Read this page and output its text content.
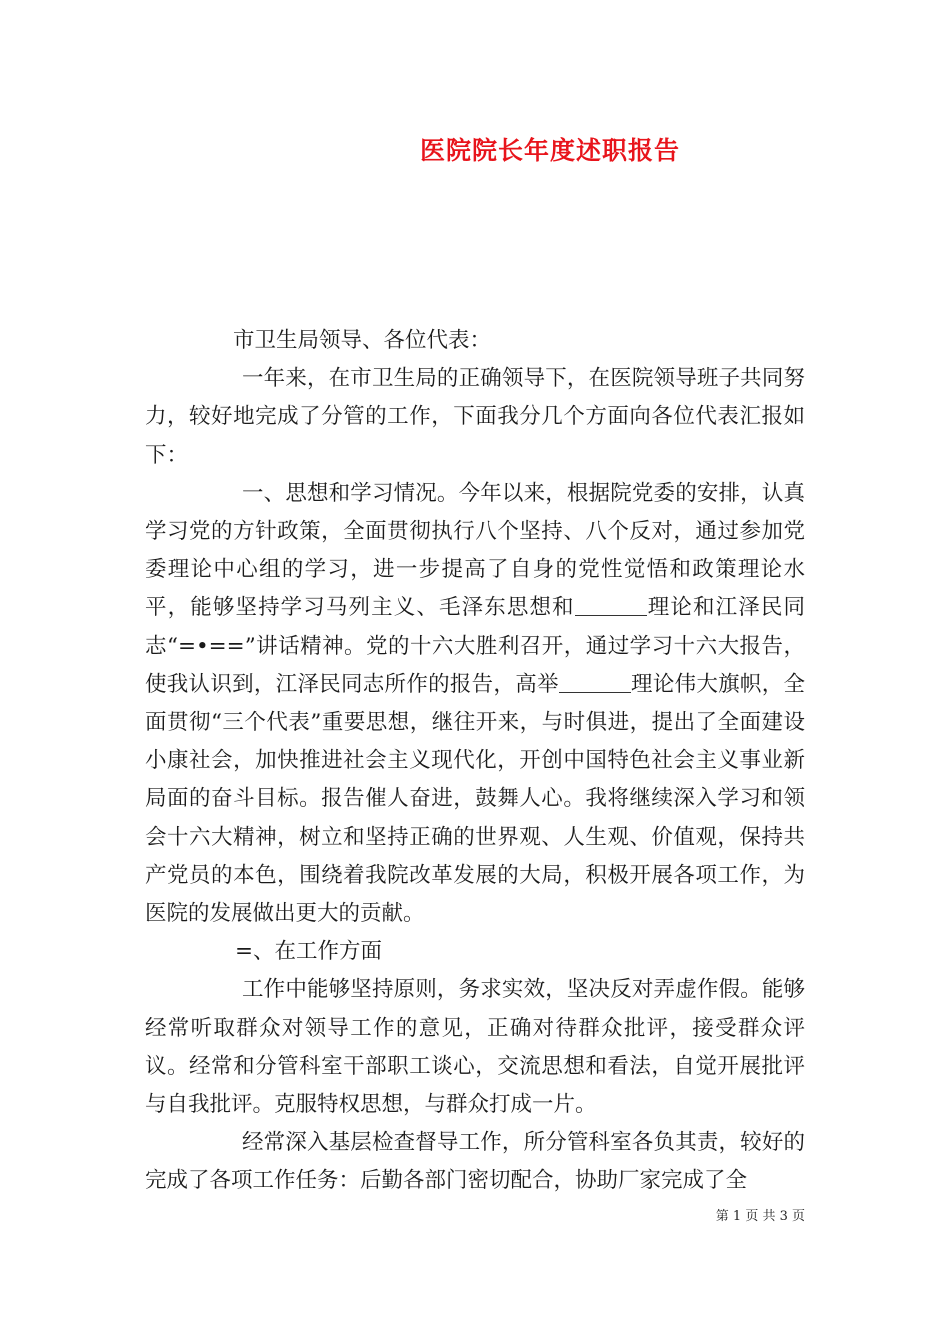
医院院长年度述职报告

市卫生局领导、各位代表：

一年来，在市卫生局的正确领导下，在医院领导班子共同努力，较好地完成了分管的工作，下面我分几个方面向各位代表汇报如下：

一、思想和学习情况。今年以来，根据院党委的安排，认真学习党的方针政策，全面贯彻执行八个坚持、八个反对，通过参加党委理论中心组的学习，进一步提高了自身的党性觉悟和政策理论水平，能够坚持学习马列主义、毛泽东思想和	理论和江泽民同志“=•==”讲话精神。党的十六大胜利召开，通过学习十六大报告，使我认识到，江泽民同志所作的报告，高举	理论伟大旗帜，全面贯彻“三个代表”重要思想，继往开来，与时俱进，提出了全面建设小康社会，加快推进社会主义现代化，开创中国特色社会主义事业新局面的奋斗目标。报告催人奋进，鼓舞人心。我将继续深入学习和领会十六大精神，树立和坚持正确的世界观、人生观、价值观，保持共产党员的本色，围绕着我院改革发展的大局，积极开展各项工作，为医院的发展做出更大的贡献。

=、在工作方面

工作中能够坚持原则，务求实效，坚决反对弄虚作假。能够经常听取群众对领导工作的意见，正确对待群众批评，接受群众评议。经常和分管科室干部职工谈心，交流思想和看法，自觉开展批评与自我批评。克服特权思想，与群众打成一片。

经常深入基层检查督导工作，所分管科室各负其责，较好的完成了各项工作任务：后勤各部门密切配合，协助厂家完成了全

第 1 页 共 3 页
